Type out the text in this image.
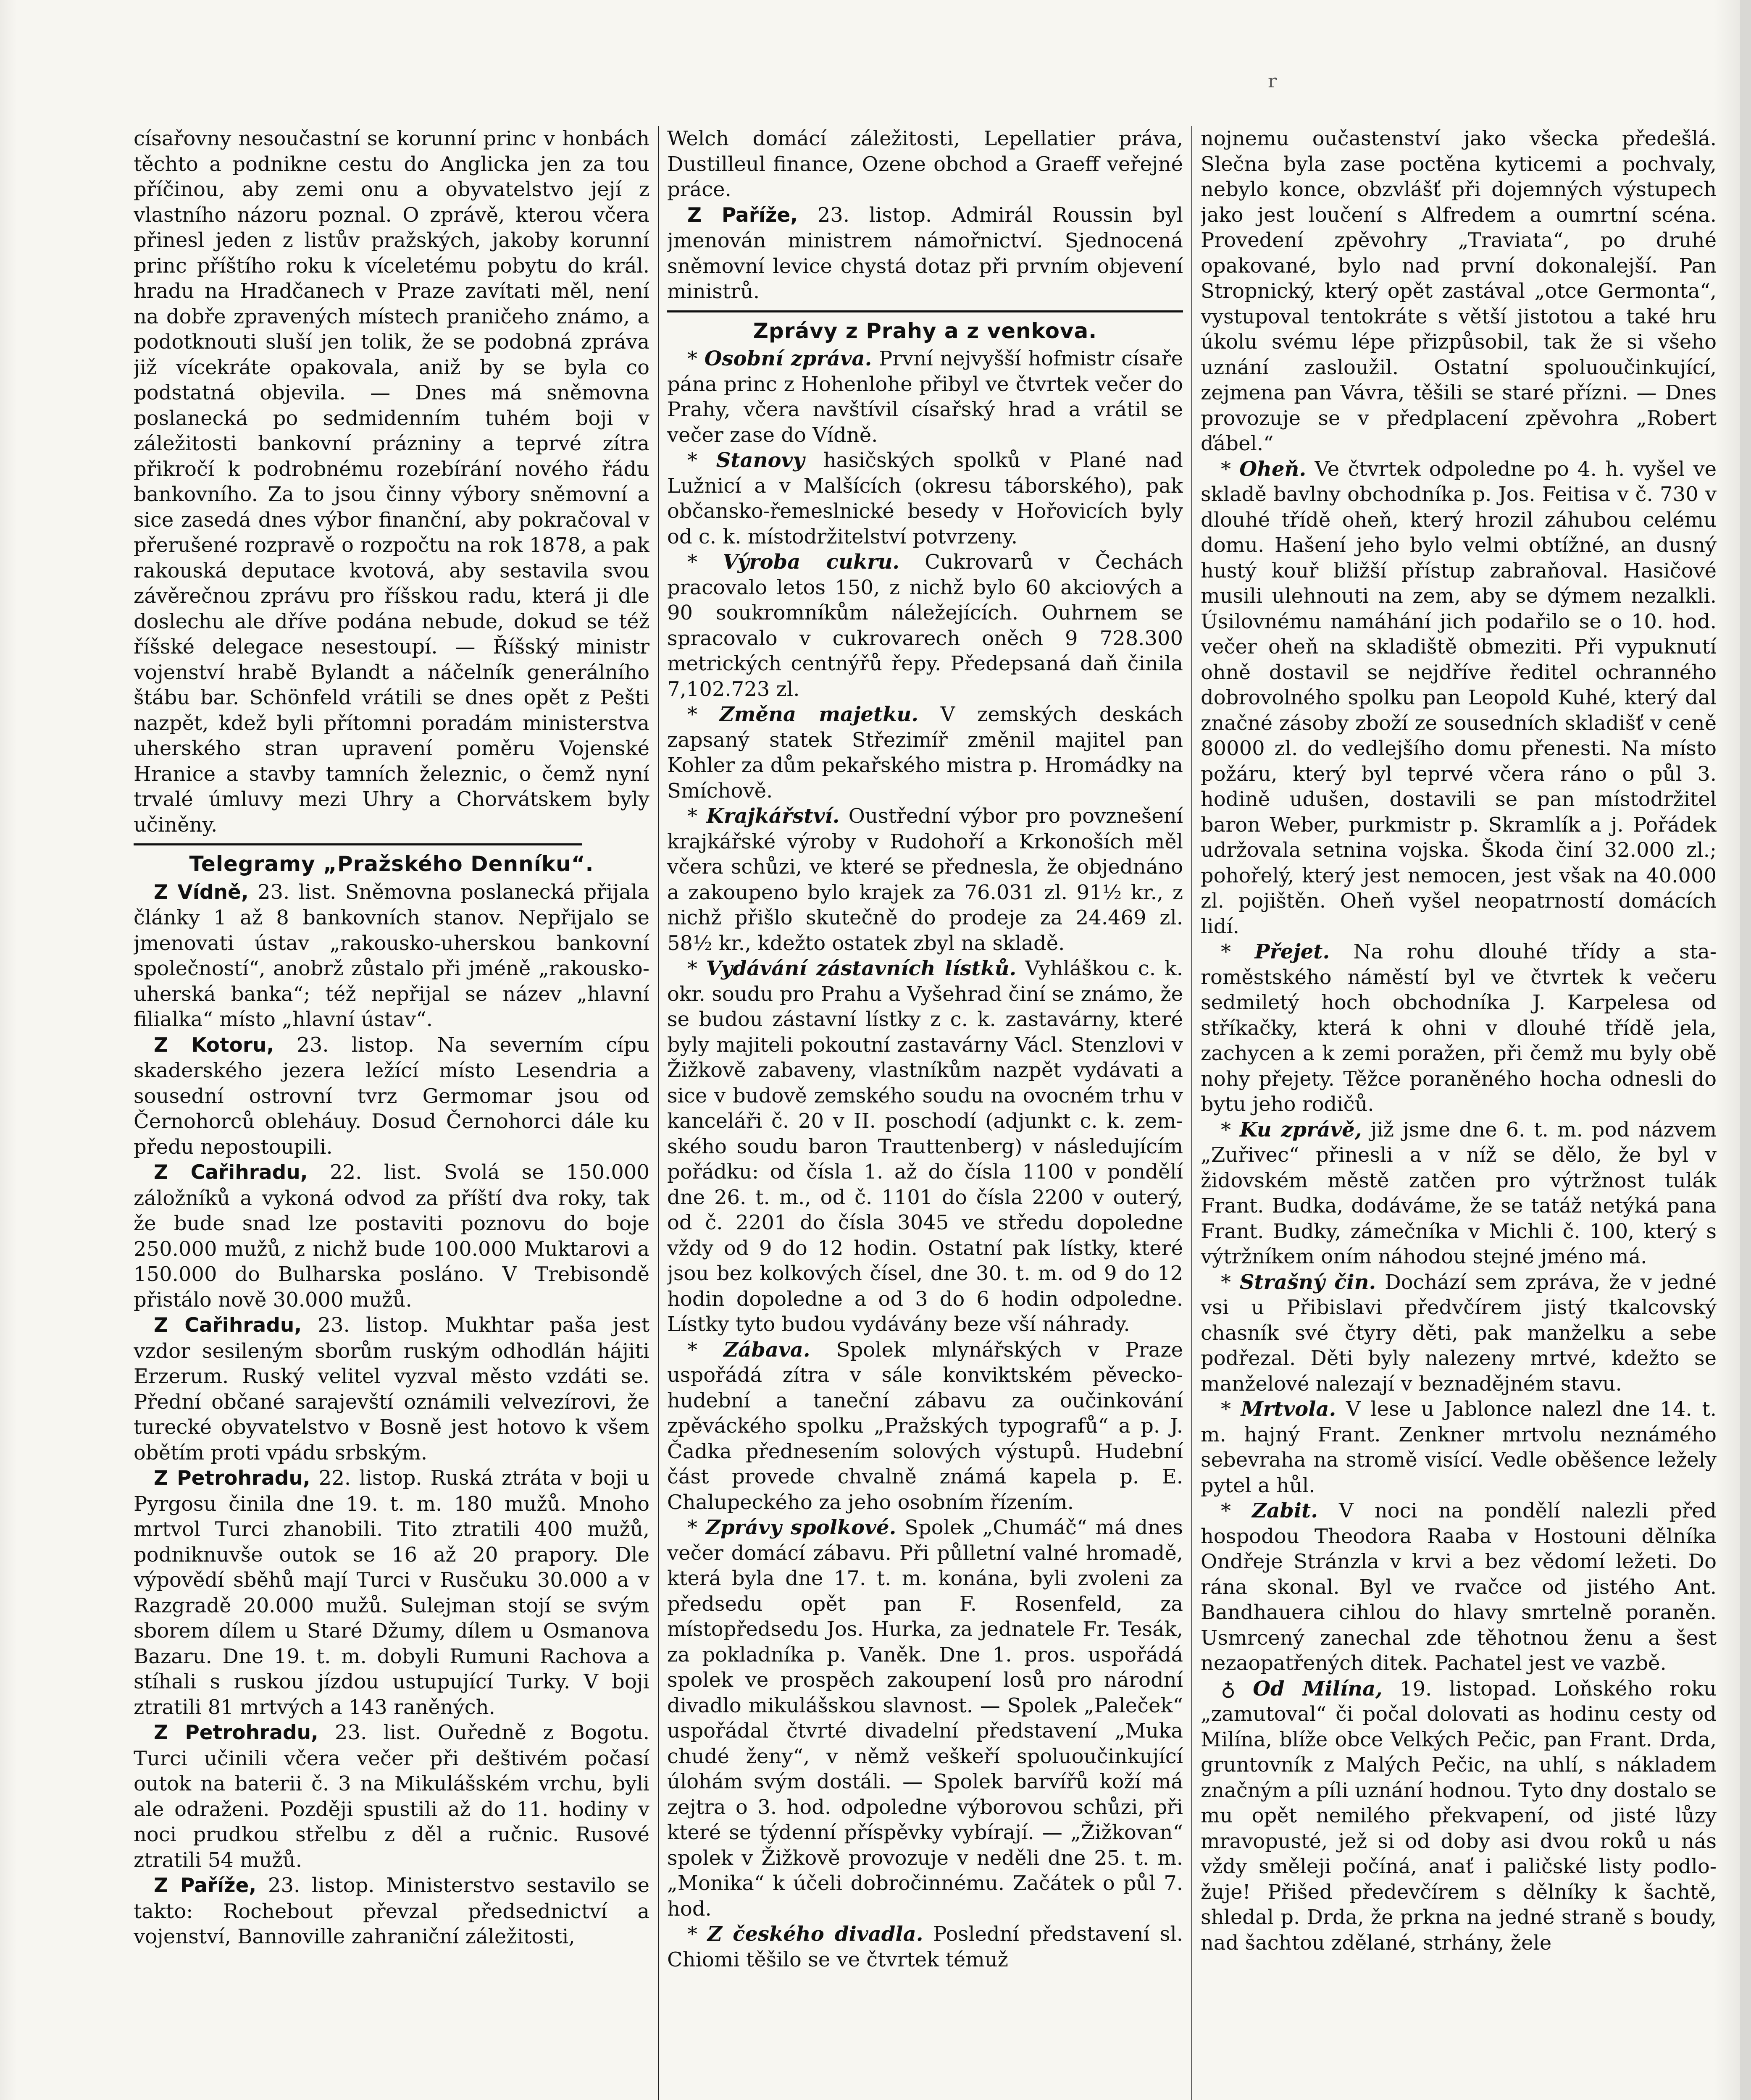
r

císařovny nesoučastní se korunní princ v honbách těchto a podnikne cestu do Anglicka jen za tou příčinou, aby zemi onu a obyvatelstvo její z vlastního názoru poznal. O zprávě, kterou včera přinesl jeden z listův pražských, jakoby korunní princ příštího roku k víceletému pobytu do král. hradu na Hradčanech v Praze zavítati měl, není na dobře zpravených místech praničeho známo, a podotknouti sluší jen tolik, že se podobná zpráva již vícekráte opakovala, aniž by se byla co podstatná objevila. — Dnes má sněmovna poslanecká po sedmidenním tuhém boji v záležitosti bankovní prázniny a teprvé zítra přikročí k podrobnému rozebírání nového řádu bankovního. Za to jsou činny výbory sněmovní a sice zasedá dnes výbor finanční, aby pokračoval v přerušené rozpravě o rozpočtu na rok 1878, a pak rakouská deputace kvotová, aby sestavila svou závěrečnou zprávu pro říšskou radu, která ji dle doslechu ale dříve podána nebude, dokud se též říšské delegace nesestoupí. — Říšský ministr vojenství hrabě Bylandt a náčelník generálního štábu bar. Schönfeld vrátili se dnes opět z Pešti nazpět, kdež byli přítomni poradám ministerstva uherského stran upravení poměru Vojenské Hranice a stavby tamních železnic, o čemž nyní trvalé úmluvy mezi Uhry a Chorvátskem byly učiněny.

Telegramy „Pražského Denníku“.

Z Vídně, 23. list. Sněmovna poslanecká přijala články 1 až 8 bankovních stanov. Nepřijalo se jmenovati ústav „rakousko-uherskou bankovní společností“, anobrž zůstalo při jméně „rakousko-uherská banka“; též nepřijal se název „hlavní filialka“ místo „hlavní ústav“.

Z Kotoru, 23. listop. Na severním cípu skaderského jezera ležící místo Lesendria a sousední ostrovní tvrz Germomar jsou od Černohorců obleháuy. Dosud Černohorci dále ku předu nepostoupili.

Z Cařihradu, 22. list. Svolá se 150.000 záložníků a vykoná odvod za příští dva roky, tak že bude snad lze postaviti poznovu do boje 250.000 mužů, z nichž bude 100.000 Muktarovi a 150.000 do Bulharska posláno. V Trebisondě přistálo nově 30.000 mužů.

Z Cařihradu, 23. listop. Mukhtar paša jest vzdor sesileným sborům ruským odhodlán hájiti Erzerum. Ruský velitel vyzval město vzdáti se. Přední občané sarajevští oznámili velvezírovi, že turecké obyvatelstvo v Bosně jest hotovo k všem obětím proti vpádu srbským.

Z Petrohradu, 22. listop. Ruská ztráta v boji u Pyrgosu činila dne 19. t. m. 180 mužů. Mnoho mrtvol Turci zhanobili. Tito ztratili 400 mužů, podniknuvše outok se 16 až 20 prapory. Dle výpovědí sběhů mají Turci v Rusčuku 30.000 a v Razgradě 20.000 mužů. Sulejman stojí se svým sborem dílem u Staré Džumy, dílem u Osmanova Bazaru. Dne 19. t. m. dobyli Rumuni Rachova a stíhali s ruskou jízdou ustupující Turky. V boji ztratili 81 mrtvých a 143 raněných.

Z Petrohradu, 23. list. Ouředně z Bogotu. Turci učinili včera večer při deštivém počasí outok na baterii č. 3 na Mikulášském vrchu, byli ale odraženi. Později spustili až do 11. hodiny v noci prudkou střelbu z děl a ručnic. Rusové ztratili 54 mužů.

Z Paříže, 23. listop. Ministerstvo sestavilo se takto: Rochebout převzal předsednictví a vojenství, Bannoville zahraniční záležitosti,

Welch domácí záležitosti, Lepellatier práva, Dustilleul finance, Ozene obchod a Graeff veřejné práce.

Z Paříže, 23. listop. Admirál Roussin byl jmenován ministrem námořnictví. Sjednocená sněmovní levice chystá dotaz při prvním objevení ministrů.

Zprávy z Prahy a z venkova.

* Osobní zpráva. První nejvyšší hofmistr císaře pána princ z Hohenlohe přibyl ve čtvrtek večer do Prahy, včera navštívil císařský hrad a vrátil se večer zase do Vídně.

* Stanovy hasičských spolků v Plané nad Lužnicí a v Malšících (okresu táborského), pak občansko-řemeslnické besedy v Hořovicích byly od c. k. místodržitelství potvrzeny.

* Výroba cukru. Cukrovarů v Čechách pracovalo letos 150, z nichž bylo 60 akciových a 90 soukromníkům náležejících. Ouhrnem se spracovalo v cukrovarech oněch 9 728.300 metrických centnýřů řepy. Předepsaná daň činila 7,102.723 zl.

* Změna majetku. V zemských deskách zapsaný statek Střezimíř změnil majitel pan Kohler za dům pekařského mistra p. Hromádky na Smíchově.

* Krajkářství. Oustřední výbor pro povznešení krajkářské výroby v Rudohoří a Krkonoších měl včera schůzi, ve které se přednesla, že objednáno a zakoupeno bylo krajek za 76.031 zl. 91½ kr., z nichž přišlo skutečně do prodeje za 24.469 zl. 58½ kr., kdežto ostatek zbyl na skladě.

* Vydávání zástavních lístků. Vyhláškou c. k. okr. soudu pro Prahu a Vyšehrad činí se známo, že se budou zástavní lístky z c. k. zastavárny, které byly majiteli pokoutní zastavárny Václ. Stenzlovi v Žižkově zabaveny, vlastníkům nazpět vydávati a sice v budově zemského soudu na ovocném trhu v kanceláři č. 20 v II. poschodí (adjunkt c. k. zemského soudu baron Trauttenberg) v následujícím pořádku: od čísla 1. až do čísla 1100 v pondělí dne 26. t. m., od č. 1101 do čísla 2200 v outerý, od č. 2201 do čísla 3045 ve středu dopoledne vždy od 9 do 12 hodin. Ostatní pak lístky, které jsou bez kolkových čísel, dne 30. t. m. od 9 do 12 hodin dopoledne a od 3 do 6 hodin odpoledne. Lístky tyto budou vydávány beze vší náhrady.

* Zábava. Spolek mlynářských v Praze uspořádá zítra v sále konviktském pěvecko-hudební a taneční zábavu za oučinkování zpěváckého spolku „Pražských typografů“ a p. J. Čadka přednesením solových výstupů. Hudební část provede chvalně známá kapela p. E. Chalupeckého za jeho osobním řízením.

* Zprávy spolkové. Spolek „Chumáč“ má dnes večer domácí zábavu. Při půlletní valné hromadě, která byla dne 17. t. m. konána, byli zvoleni za předsedu opět pan F. Rosenfeld, za místopředsedu Jos. Hurka, za jednatele Fr. Tesák, za pokladníka p. Vaněk. Dne 1. pros. uspořádá spolek ve prospěch zakoupení losů pro národní divadlo mikulášskou slavnost. — Spolek „Paleček“ uspořádal čtvrté divadelní představení „Muka chudé ženy“, v němž veškeří spoluoučinkující úlohám svým dostáli. — Spolek barvířů koží má zejtra o 3. hod. odpoledne výborovou schůzi, při které se týdenní příspěvky vybírají. — „Žižkovan“ spolek v Žižkově provozuje v neděli dne 25. t. m. „Monika“ k účeli dobročinnému. Začátek o půl 7. hod.

* Z českého divadla. Poslední představení sl. Chiomi těšilo se ve čtvrtek témuž

nojnemu oučastenství jako všecka předešlá. Slečna byla zase poctěna kyticemi a pochvaly, nebylo konce, obzvlášť při dojemných výstupech jako jest loučení s Alfredem a oumrtní scéna. Provedení zpěvohry „Traviata“, po druhé opakované, bylo nad první dokonalejší. Pan Stropnický, který opět zastával „otce Germonta“, vystupoval tentokráte s větší jistotou a také hru úkolu svému lépe přizpůsobil, tak že si všeho uznání zasloužil. Ostatní spoluoučinkující, zejmena pan Vávra, těšili se staré přízni. — Dnes provozuje se v předplacení zpěvohra „Robert ďábel.“

* Oheň. Ve čtvrtek odpoledne po 4. h. vyšel ve skladě bavlny obchodníka p. Jos. Feitisa v č. 730 v dlouhé třídě oheň, který hrozil záhubou celému domu. Hašení jeho bylo velmi obtížné, an dusný hustý kouř bližší přístup zabraňoval. Hasičové musili ulehnouti na zem, aby se dýmem nezalkli. Úsilovnému namáhání jich podařilo se o 10. hod. večer oheň na skladiště obmeziti. Při vypuknutí ohně dostavil se nejdříve ředitel ochranného dobrovolného spolku pan Leopold Kuhé, který dal značné zásoby zboží ze sousedních skladišť v ceně 80000 zl. do vedlejšího domu přenesti. Na místo požáru, který byl teprvé včera ráno o půl 3. hodině udušen, dostavili se pan místodržitel baron Weber, purkmistr p. Skramlík a j. Pořádek udržovala setnina vojska. Škoda činí 32.000 zl.; pohořelý, který jest nemocen, jest však na 40.000 zl. pojištěn. Oheň vyšel neopatrností domácích lidí.

* Přejet. Na rohu dlouhé třídy a staroměstského náměstí byl ve čtvrtek k večeru sedmiletý hoch obchodníka J. Karpelesa od stříkačky, která k ohni v dlouhé třídě jela, zachycen a k zemi poražen, při čemž mu byly obě nohy přejety. Těžce poraněného hocha odnesli do bytu jeho rodičů.

* Ku zprávě, již jsme dne 6. t. m. pod názvem „Zuřivec“ přinesli a v níž se dělo, že byl v židovském městě zatčen pro výtržnost tulák Frant. Budka, dodáváme, že se tatáž netýká pana Frant. Budky, zámečníka v Michli č. 100, který s výtržníkem oním náhodou stejné jméno má.

* Strašný čin. Dochází sem zpráva, že v jedné vsi u Přibislavi předvčírem jistý tkalcovský chasník své čtyry děti, pak manželku a sebe podřezal. Děti byly nalezeny mrtvé, kdežto se manželové nalezají v beznadějném stavu.

* Mrtvola. V lese u Jablonce nalezl dne 14. t. m. hajný Frant. Zenkner mrtvolu neznámého sebevraha na stromě visící. Vedle oběšence ležely pytel a hůl.

* Zabit. V noci na pondělí nalezli před hospodou Theodora Raaba v Hostouni dělníka Ondřeje Stránzla v krvi a bez vědomí ležeti. Do rána skonal. Byl ve rvačce od jistého Ant. Bandhauera cihlou do hlavy smrtelně poraněn. Usmrcený zanechal zde těhotnou ženu a šest nezaopatřených ditek. Pachatel jest ve vazbě.

♁ Od Milína, 19. listopad. Loňského roku „zamutoval“ či počal dolovati as hodinu cesty od Milína, blíže obce Velkých Pečic, pan Frant. Drda, gruntovník z Malých Pečic, na uhlí, s nákladem značným a píli uznání hodnou. Tyto dny dostalo se mu opět nemilého překvapení, od jisté lůzy mravopusté, jež si od doby asi dvou roků u nás vždy směleji počíná, anať i paličské listy podložuje! Přišed předevčírem s dělníky k šachtě, shledal p. Drda, že prkna na jedné straně s boudy, nad šachtou zdělané, strhány, žele
